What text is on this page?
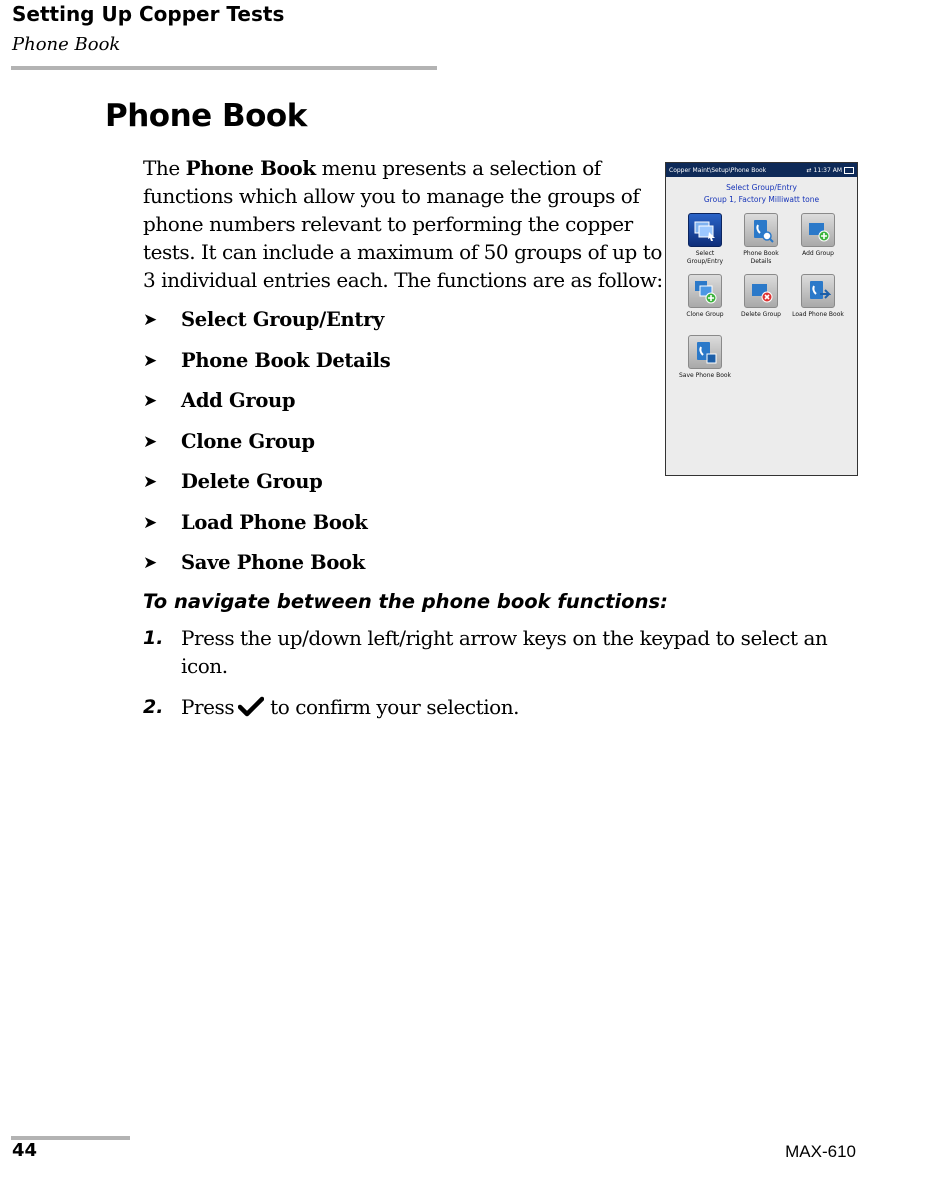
Setting Up Copper Tests
Phone Book
Phone Book

The Phone Book menu presents a selection of functions which allow you to manage the groups of phone numbers relevant to performing the copper tests. It can include a maximum of 50 groups of up to 3 individual entries each. The functions are as follow:

➤	Select Group/Entry
➤	Phone Book Details
➤	Add Group
➤	Clone Group
➤	Delete Group
➤	Load Phone Book
➤	Save Phone Book
To navigate between the phone book functions:
1. Press the up/down left/right arrow keys on the keypad to select an icon.
2. Press to confirm your selection.
Copper Maint\Setup\Phone Book	⇄ 11:37 AM
Select Group/Entry
Group 1, Factory Milliwatt tone
Select Group/Entry
Phone Book Details
Add Group
Clone Group	Delete Group	Load Phone Book
Save Phone Book
44	MAX-610
